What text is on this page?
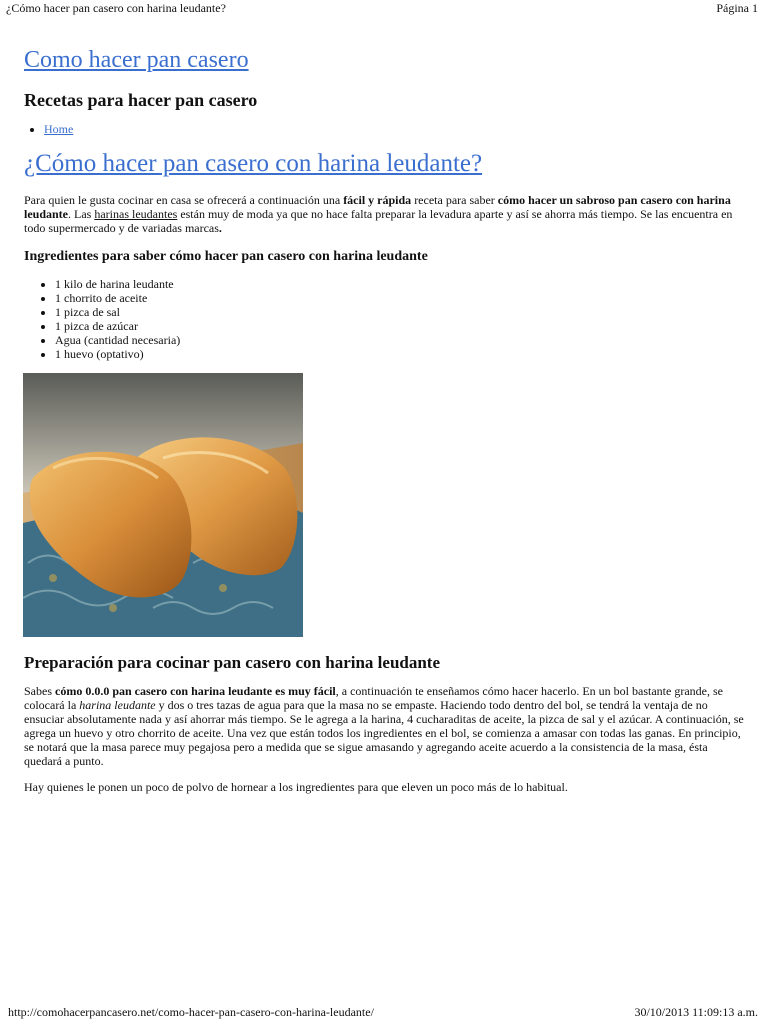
¿Cómo hacer pan casero con harina leudante?	Página 1
Como hacer pan casero
Recetas para hacer pan casero
• Home
¿Cómo hacer pan casero con harina leudante?

Para quien le gusta cocinar en casa se ofrecerá a continuación una fácil y rápida receta para saber cómo hacer un sabroso pan casero con harina leudante. Las harinas leudantes están muy de moda ya que no hace falta preparar la levadura aparte y así se ahorra más tiempo. Se las encuentra en todo supermercado y de variadas marcas.

Ingredientes para saber cómo hacer pan casero con harina leudante
• 1 kilo de harina leudante
• 1 chorrito de aceite
• 1 pizca de sal
• 1 pizca de azúcar
• Agua (cantidad necesaria)
• 1 huevo (optativo)
Preparación para cocinar pan casero con harina leudante

Sabes cómo 0.0.0 pan casero con harina leudante es muy fácil, a continuación te enseñamos cómo hacer hacerlo. En un bol bastante grande, se colocará la harina leudante y dos o tres tazas de agua para que la masa no se empaste. Haciendo todo dentro del bol, se tendrá la ventaja de no ensuciar absolutamente nada y así ahorrar más tiempo. Se le agrega a la harina, 4 cucharaditas de aceite, la pizca de sal y el azúcar. A continuación, se agrega un huevo y otro chorrito de aceite. Una vez que están todos los ingredientes en el bol, se comienza a amasar con todas las ganas. En principio, se notará que la masa parece muy pegajosa pero a medida que se sigue amasando y agregando aceite acuerdo a la consistencia de la masa, ésta quedará a punto.

Hay quienes le ponen un poco de polvo de hornear a los ingredientes para que eleven un poco más de lo habitual.

http://comohacerpancasero.net/como-hacer-pan-casero-con-harina-leudante/	30/10/2013 11:09:13 a.m.
